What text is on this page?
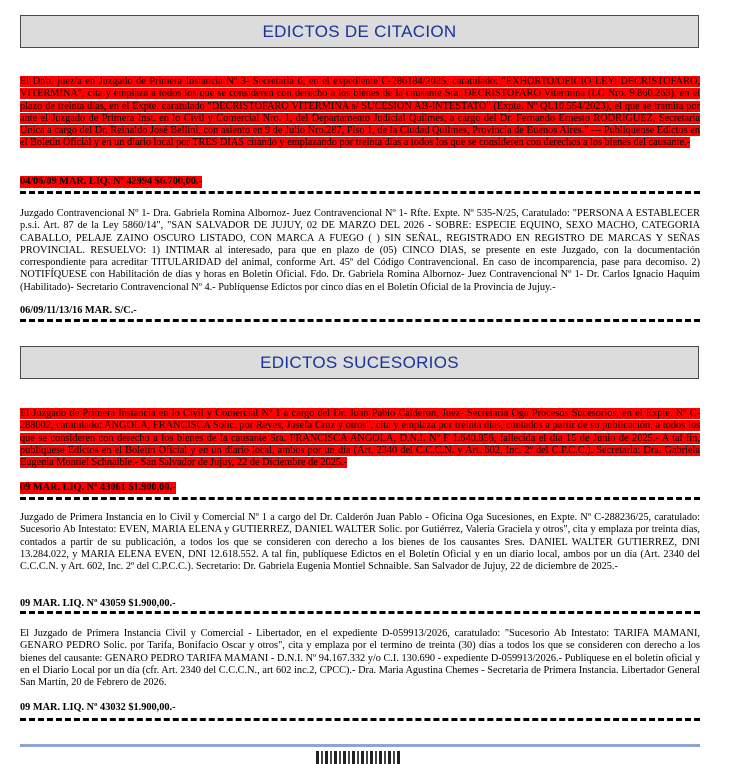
EDICTOS DE CITACION

El Dr/a. juez/a en Juzgado de Primera Instancia Nº 3- Secretaria 6, en el expediente C-286184/2025, caratulado: "EXHORTO/OFICIO LEY: DECRISTOFARO, VITERMINA", cita y emplaza a todos los que se consideren con derecho a los bienes de la causante Sra. DECRISTOFARO Vitermina (LC Nro. 9.860.263), en el plazo de treinta días, en el Expte. caratulado "DECRISTOFARO VITERMINA s/ SUCESION AB-INTESTATO" (Expte. Nº QL10.554/2023), el que se tramita por ante el Juzgado de Primera Inst. en lo Civil y Comercial Nro. 1, del Departamento Judicial Quilmes, a cargo del Dr. Fernando Ernesto RODRIGUEZ, Secretaria Unica a cargo del Dr. Reinaldo José Bellini, con asiento en 9 de Julio Nro.287, Piso 1, de la Ciudad Quilmes, Provincia de Buenos Aires." --- Publíquense Edictos en el Boletín Oficial y en un diario local por TRES DIAS citando y emplazando por treinta días a todos los que se consideren con derechos a los bienes del causante.-

04/06/09 MAR. LIQ. Nº 42994 $6.700,00.-

Juzgado Contravencional Nº 1- Dra. Gabriela Romina Albornoz- Juez Contravencional Nº 1- Rfte. Expte. Nº 535-N/25, Caratulado: "PERSONA A ESTABLECER p.s.i. Art. 87 de la Ley 5860/14", "SAN SALVADOR DE JUJUY, 02 DE MARZO DEL 2026 - SOBRE: ESPECIE EQUINO, SEXO MACHO, CATEGORIA CABALLO, PELAJE ZAINO OSCURO LISTADO, CON MARCA A FUEGO ( ) SIN SEÑAL, REGISTRADO EN REGISTRO DE MARCAS Y SEÑAS PROVINCIAL. RESUELVO: 1) INTIMAR al interesado, para que en plazo de (05) CINCO DIAS, se presente en este Juzgado, con la documentación correspondiente para acreditar TITULARIDAD del animal, conforme Art. 45º del Código Contravencional. En caso de incomparencia, pase para decomiso. 2) NOTIFÍQUESE con Habilitación de días y horas en Boletín Oficial. Fdo. Dr. Gabriela Romina Albornoz- Juez Contravencional Nº 1- Dr. Carlos Ignacio Haquim (Habilitado)- Secretario Contravencional Nº 4.- Publíquense Edictos por cinco días en el Boletín Oficial de la Provincia de Jujuy.-

06/09/11/13/16 MAR. S/C.-
EDICTOS SUCESORIOS

El Juzgado de Primera Instancia en lo Civil y Comercial Nº 1 a cargo del Dr. Juan Pablo Calderon, Juez- Secretaria Oga Procesos Sucesorios, en el Expte. Nº C-288002, caratulado: ANGOLA, FRANCISCA Solic. por Reyes, Josefa Cruz y otros", cita y emplaza por treinta días, contados a partir de su publicación, a todos los que se consideren con derecho a los bienes de la causante Sra. FRANCISCA ANGOLA, D.N.I. Nº F 1.640.856, fallecida el día 15 de Junio de 2025.- A tal fin, publíquese Edictos en el Boletín Oficial y en un diario local, ambos por un día (Art. 2340 del C.C.C.N. y Art. 602, Inc. 2º del C.P.C.C.). Secretaria: Dra. Gabriela Eugenia Montiel Schnaible.- San Salvador de Jujuy, 22 de Diciembre de 2025.-

09 MAR. LIQ. Nº 43061 $1.900,00.-

Juzgado de Primera Instancia en lo Civil y Comercial Nº 1 a cargo del Dr. Calderón Juan Pablo - Oficina Oga Sucesiones, en Expte. Nº C-288236/25, caratulado: Sucesorio Ab Intestato: EVEN, MARIA ELENA y GUTIERREZ, DANIEL WALTER Solic. por Gutiérrez, Valeria Graciela y otros", cita y emplaza por treinta días, contados a partir de su publicación, a todos los que se consideren con derecho a los bienes de los causantes Sres. DANIEL WALTER GUTIERREZ, DNI 13.284.022, y MARIA ELENA EVEN, DNI 12.618.552. A tal fin, publíquese Edictos en el Boletín Oficial y en un diario local, ambos por un día (Art. 2340 del C.C.C.N. y Art. 602, Inc. 2º del C.P.C.C.). Secretario: Dr. Gabriela Eugenia Montiel Schnaible. San Salvador de Jujuy, 22 de diciembre de 2025.-

09 MAR. LIQ. Nº 43059 $1.900,00.-

El Juzgado de Primera Instancia Civil y Comercial - Libertador, en el expediente D-059913/2026, caratulado: "Sucesorio Ab Intestato: TARIFA MAMANI, GENARO PEDRO Solic. por Tarifa, Bonifacio Oscar y otros", cita y emplaza por el termino de treinta (30) días a todos los que se consideren con derecho a los bienes del causante: GENARO PEDRO TARIFA MAMANI - D.N.I. Nº 94.167.332 y/o C.I. 130.690 - expediente D-059913/2026.- Publíquese en el boletín oficial y en el Diario Local por un día (cfr. Art. 2340 del C.C.C.N., art 602 inc.2, CPCC).- Dra. Maria Agustina Chemes - Secretaria de Primera Instancia. Libertador General San Martín, 20 de Febrero de 2026.

09 MAR. LIQ. Nº 43032 $1.900,00.-
